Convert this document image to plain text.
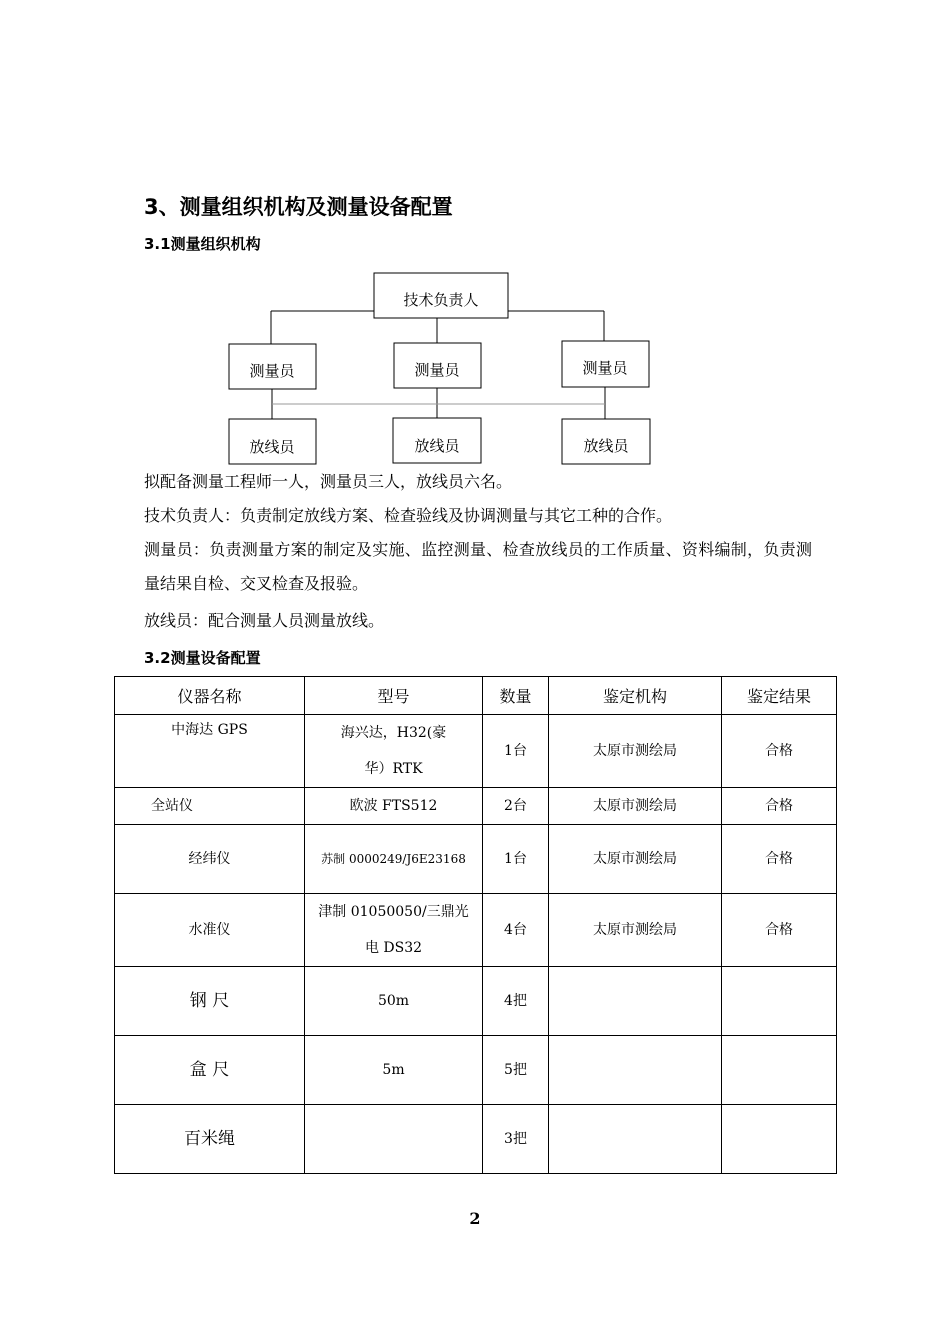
3、测量组织机构及测量设备配置
3.1测量组织机构
技术负责人
测量员	测量员	测量员
放线员	放线员	放线员

拟配备测量工程师一人，测量员三人，放线员六名。

技术负责人：负责制定放线方案、检查验线及协调测量与其它工种的合作。

测量员：负责测量方案的制定及实施、监控测量、检查放线员的工作质量、资料编制，负责测量结果自检、交叉检查及报验。

放线员：配合测量人员测量放线。

3.2测量设备配置
仪器名称	型号	数量	鉴定机构	鉴定结果
中海达 GPS	海兴达，H32(豪华）RTK	1台	太原市测绘局	合格
全站仪	欧波 FTS512	2台	太原市测绘局	合格
经纬仪	苏制 0000249/J6E23168	1台	太原市测绘局	合格
水准仪	津制 01050050/三鼎光电 DS32	4台	太原市测绘局	合格
钢 尺	50m	4把		
盒 尺	5m	5把		
百米绳		3把		
2
